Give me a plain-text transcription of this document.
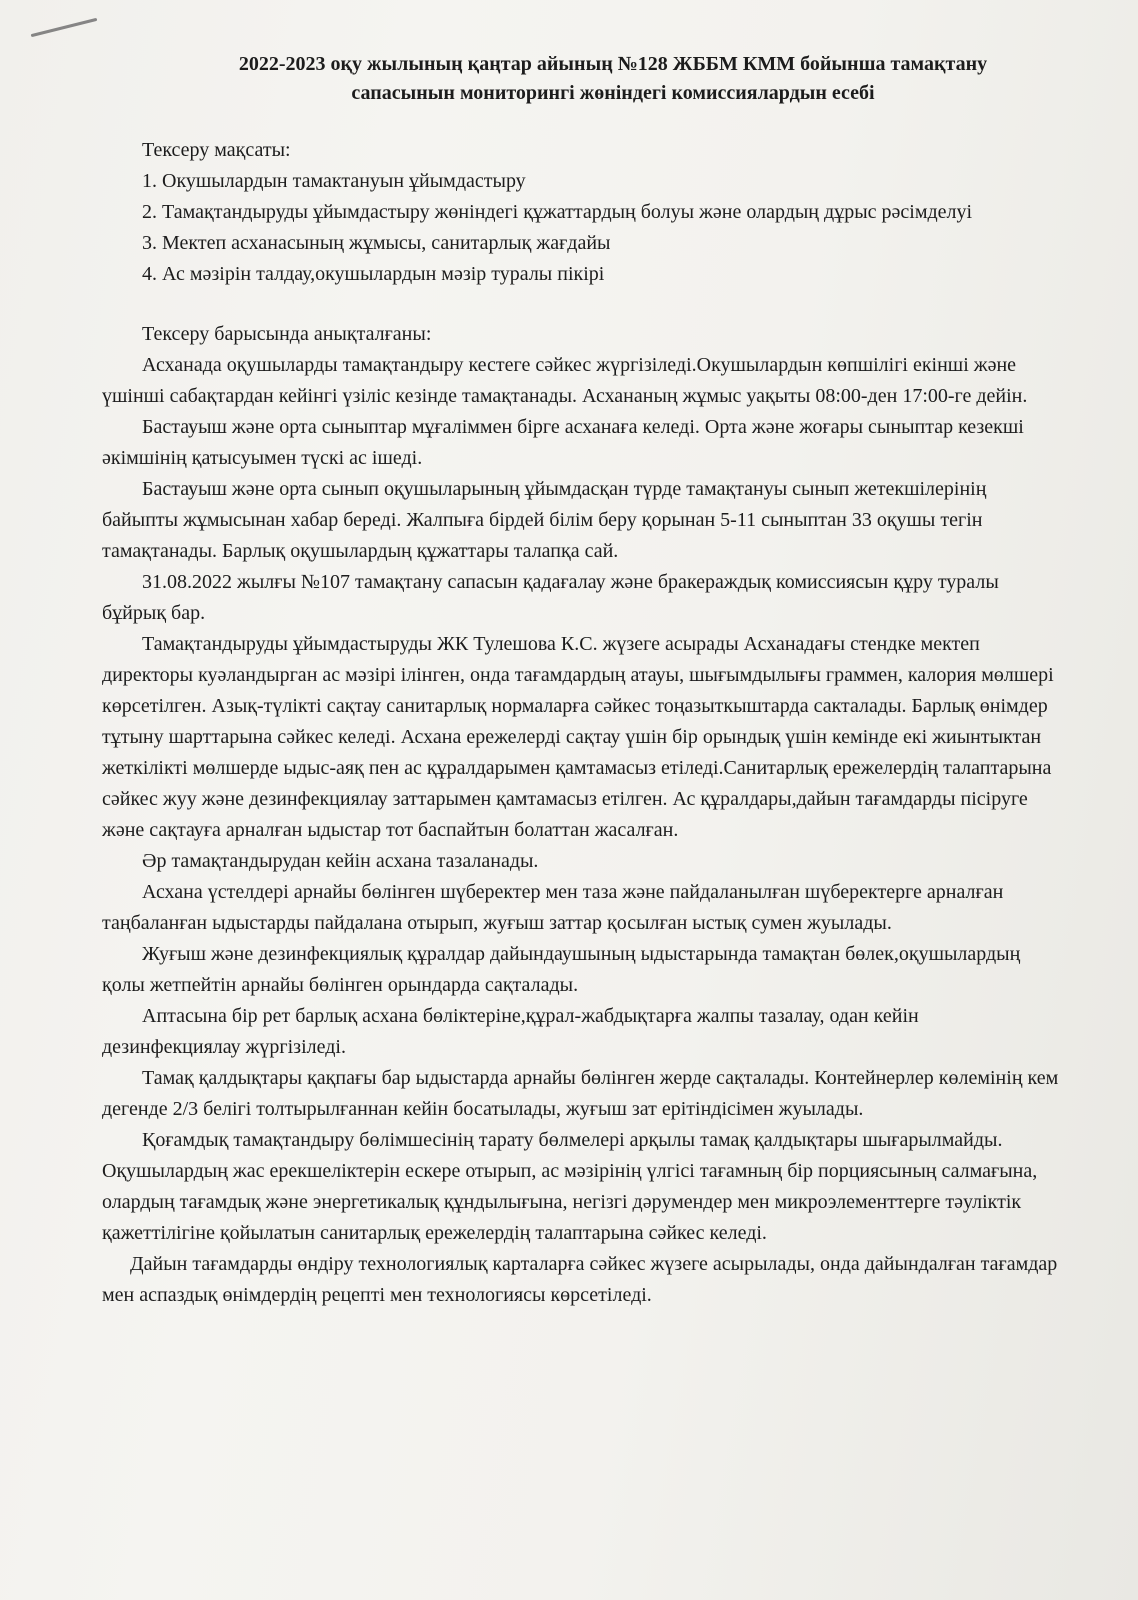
2022-2023 оқу жылының қаңтар айының №128 ЖББМ КММ бойынша тамақтану
сапасынын мониторингі жөніндегі комиссиялардын есебі

Тексеру мақсаты:

1. Окушылардын тамактануын ұйымдастыру

2. Тамақтандыруды ұйымдастыру жөніндегі құжаттардың болуы және олардың дұрыс рәсімделуі

3. Мектеп асханасының жұмысы, санитарлық жағдайы

4. Ас мәзірін талдау,окушылардын мәзір туралы пікірі

Тексеру барысында анықталғаны:

Асханада оқушыларды тамақтандыру кестеге сәйкес жүргізіледі.Окушылардын көпшілігі екінші және үшінші сабақтардан кейінгі үзіліс кезінде тамақтанады. Асхананың жұмыс уақыты 08:00-ден 17:00-ге дейін.

Бастауыш және орта сыныптар мұғаліммен бірге асханаға келеді. Орта және жоғары сыныптар кезекші әкімшінің қатысуымен түскі ас ішеді.

Бастауыш және орта сынып оқушыларының ұйымдасқан түрде тамақтануы сынып жетекшілерінің байыпты жұмысынан хабар береді. Жалпыға бірдей білім беру қорынан 5-11 сыныптан 33 оқушы тегін тамақтанады. Барлық оқушылардың құжаттары талапқа сай.

31.08.2022 жылғы №107 тамақтану сапасын қадағалау және бракераждық комиссиясын құру туралы бұйрық бар.

Тамақтандыруды ұйымдастыруды ЖК Тулешова К.С. жүзеге асырады Асханадағы стендке мектеп директоры куәландырган ас мәзірі ілінген, онда тағамдардың атауы, шығымдылығы граммен, калория мөлшері көрсетілген. Азық-түлікті сақтау санитарлық нормаларға сәйкес тоңазыткыштарда сакталады. Барлық өнімдер тұтыну шарттарына сәйкес келеді. Асхана ережелерді сақтау үшін бір орындық үшін кемінде екі жиынтыктан жеткілікті мөлшерде ыдыс-аяқ пен ас құралдарымен қамтамасыз етіледі.Санитарлық ережелердің талаптарына сәйкес жуу және дезинфекциялау заттарымен қамтамасыз етілген. Ас құралдары,дайын тағамдарды пісіруге және сақтауға арналған ыдыстар тот баспайтын болаттан жасалған.

Әр тамақтандырудан кейін асхана тазаланады.

Асхана үстелдері арнайы бөлінген шүберектер мен таза және пайдаланылған шүберектерге арналған таңбаланған ыдыстарды пайдалана отырып, жуғыш заттар қосылған ыстық сумен жуылады.

Жуғыш және дезинфекциялық құралдар дайындаушының ыдыстарында тамақтан бөлек,оқушылардың қолы жетпейтін арнайы бөлінген орындарда сақталады.

Аптасына бір рет барлық асхана бөліктеріне,құрал-жабдықтарға жалпы тазалау, одан кейін дезинфекциялау жүргізіледі.

Тамақ қалдықтары қақпағы бар ыдыстарда арнайы бөлінген жерде сақталады. Контейнерлер көлемінің кем дегенде 2/3 белігі толтырылғаннан кейін босатылады, жуғыш зат ерітіндісімен жуылады.

Қоғамдық тамақтандыру бөлімшесінің тарату бөлмелері арқылы тамақ қалдықтары шығарылмайды. Оқушылардың жас ерекшеліктерін ескере отырып, ас мәзірінің үлгісі тағамның бір порциясының салмағына, олардың тағамдық және энергетикалық құндылығына, негізгі дәрумендер мен микроэлементтерге тәуліктік қажеттілігіне қойылатын санитарлық ережелердің талаптарына сәйкес келеді.

Дайын тағамдарды өндіру технологиялық карталарға сәйкес жүзеге асырылады, онда дайындалған тағамдар мен аспаздық өнімдердің рецепті мен технологиясы көрсетіледі.
